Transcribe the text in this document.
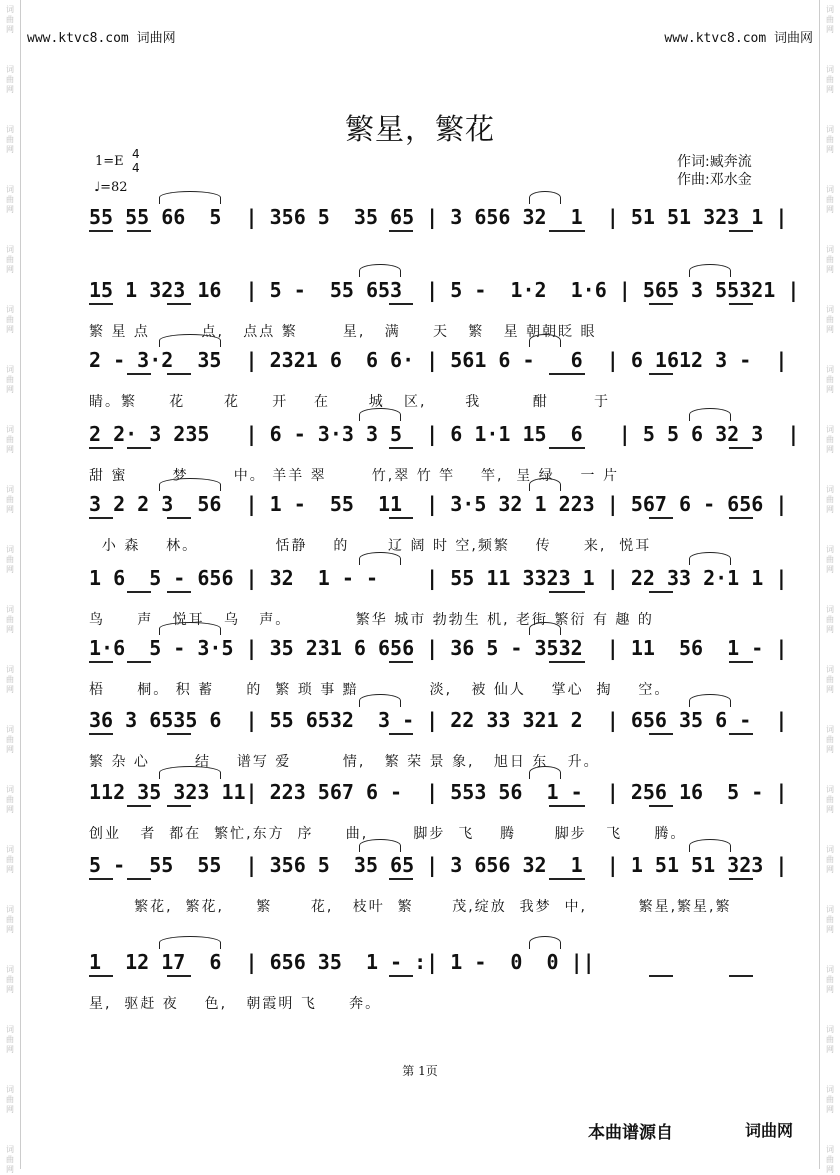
词
曲
网
词
曲
网
词
曲
网
词
曲
网
词
曲
网
词
曲
网
词
曲
网
词
曲
网
词
曲
网
词
曲
网
词
曲
网
词
曲
网
词
曲
网
词
曲
网
词
曲
网
词
曲
网
词
曲
网
词
曲
网
词
曲
网
词
曲
网
词
曲
网
词
曲
网
词
曲
网
词
曲
网
词
曲
网
词
曲
网
词
曲
网
词
曲
网
词
曲
网
词
曲
网
词
曲
网
词
曲
网
词
曲
网
词
曲
网
词
曲
网
词
曲
网
词
曲
网
词
曲
网
词
曲
网
词
曲
网
www.ktvc8.com 词曲网	www.ktvc8.com 词曲网
繁星，繁花
1=E 4
4
♩=82
作词:臧奔流
作曲:邓水金
55 55 66  5  | 356 5  35 65 | 3 656 32  1  | 51 51 323 1 |
15 1 323 16  | 5 -  55 653  | 5 -  1·2  1·6 | 565 3 55321 |
繁 星 点        点,   点点 繁       星,   满     天   繁   星 朝朝眨 眼
2 - 3·2  35  | 2321 6  6 6· | 561 6 -   6  | 6 1612 3 -  |
睛。繁     花      花     开    在      城   区,      我        酣       于
2 2· 3 235   | 6 - 3·3 3 5  | 6 1·1 15  6   | 5 5 6 32 3  |
甜 蜜       梦       中。 羊羊 翠       竹,翠 竹 竿    竿,  呈 绿    一 片
3 2 2 3  56  | 1 -  55  11  | 3·5 32 1 223 | 567 6 - 656 |
小 森    林。            恬静    的      辽 阔 时 空,频繁    传     来,  悦耳
1 6  5 - 656 | 32  1 - -    | 55 11 3323 1 | 22 33 2·1 1 |
鸟     声   悦耳   乌   声。          繁华 城市 勃勃生 机, 老街 繁衍 有 趣 的
1·6  5 - 3·5 | 35 231 6 656 | 36 5 - 3532  | 11  56  1 - |
梧     桐。 积 蓄     的  繁 琐 事 黯           淡,   被 仙人    掌心  掏    空。
36 3 6535 6  | 55 6532  3 - | 22 33 321 2  | 656 35 6 -  |
繁 杂 心       结    谱写 爱        情,   繁 荣 景 象,   旭日 东   升。
112 35 323 11| 223 567 6 -  | 553 56  1 -  | 256 16  5 - |
创业   者  都在  繁忙,东方  序     曲,       脚步  飞    腾      脚步   飞     腾。
5 -  55  55  | 356 5  35 65 | 3 656 32  1  | 1 51 51 323 |
繁花,  繁花,     繁      花,   枝叶  繁      茂,绽放  我梦  中,        繁星,繁星,繁
1  12 17  6  | 656 35  1 - :| 1 -  0  0 ||
星,  驱赶 夜    色,   朝霞明 飞     奔。
第 1页
本曲谱源自	词曲网
